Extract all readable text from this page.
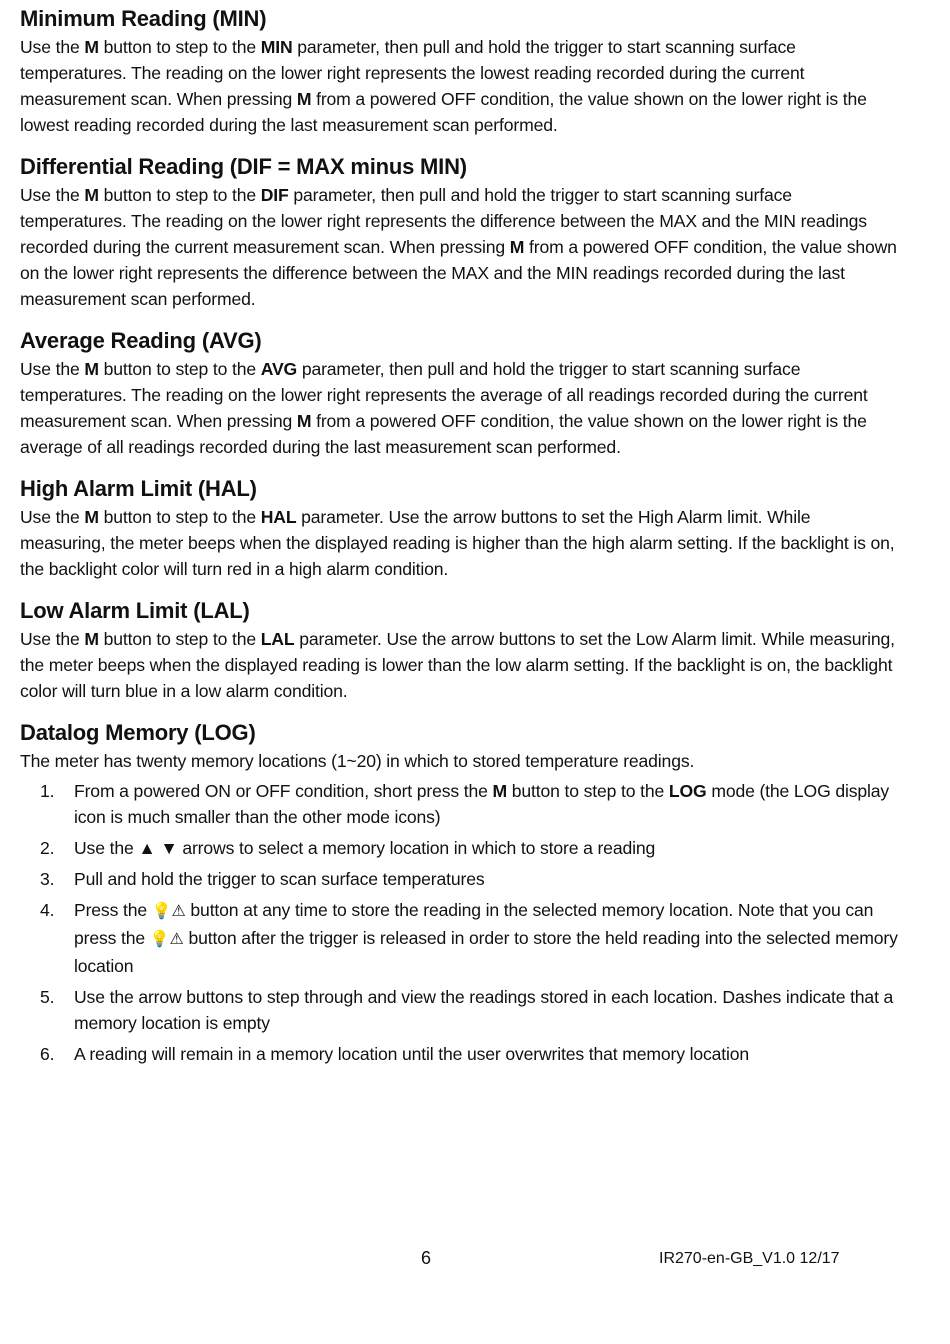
Minimum Reading (MIN)

Use the M button to step to the MIN parameter, then pull and hold the trigger to start scanning surface temperatures. The reading on the lower right represents the lowest reading recorded during the current measurement scan. When pressing M from a powered OFF condition, the value shown on the lower right is the lowest reading recorded during the last measurement scan performed.

Differential Reading (DIF = MAX minus MIN)

Use the M button to step to the DIF parameter, then pull and hold the trigger to start scanning surface temperatures. The reading on the lower right represents the difference between the MAX and the MIN readings recorded during the current measurement scan. When pressing M from a powered OFF condition, the value shown on the lower right represents the difference between the MAX and the MIN readings recorded during the last measurement scan performed.

Average Reading (AVG)

Use the M button to step to the AVG parameter, then pull and hold the trigger to start scanning surface temperatures. The reading on the lower right represents the average of all readings recorded during the current measurement scan. When pressing M from a powered OFF condition, the value shown on the lower right is the average of all readings recorded during the last measurement scan performed.

High Alarm Limit (HAL)

Use the M button to step to the HAL parameter. Use the arrow buttons to set the High Alarm limit. While measuring, the meter beeps when the displayed reading is higher than the high alarm setting. If the backlight is on, the backlight color will turn red in a high alarm condition.

Low Alarm Limit (LAL)

Use the M button to step to the LAL parameter. Use the arrow buttons to set the Low Alarm limit. While measuring, the meter beeps when the displayed reading is lower than the low alarm setting. If the backlight is on, the backlight color will turn blue in a low alarm condition.

Datalog Memory (LOG)

The meter has twenty memory locations (1~20) in which to stored temperature readings.

1. From a powered ON or OFF condition, short press the M button to step to the LOG mode (the LOG display icon is much smaller than the other mode icons)
2. Use the ▲ ▼ arrows to select a memory location in which to store a reading
3. Pull and hold the trigger to scan surface temperatures
4. Press the 💡⚠ button at any time to store the reading in the selected memory location. Note that you can press the 💡⚠ button after the trigger is released in order to store the held reading into the selected memory location
5. Use the arrow buttons to step through and view the readings stored in each location. Dashes indicate that a memory location is empty
6. A reading will remain in a memory location until the user overwrites that memory location
6	IR270-en-GB_V1.0 12/17
